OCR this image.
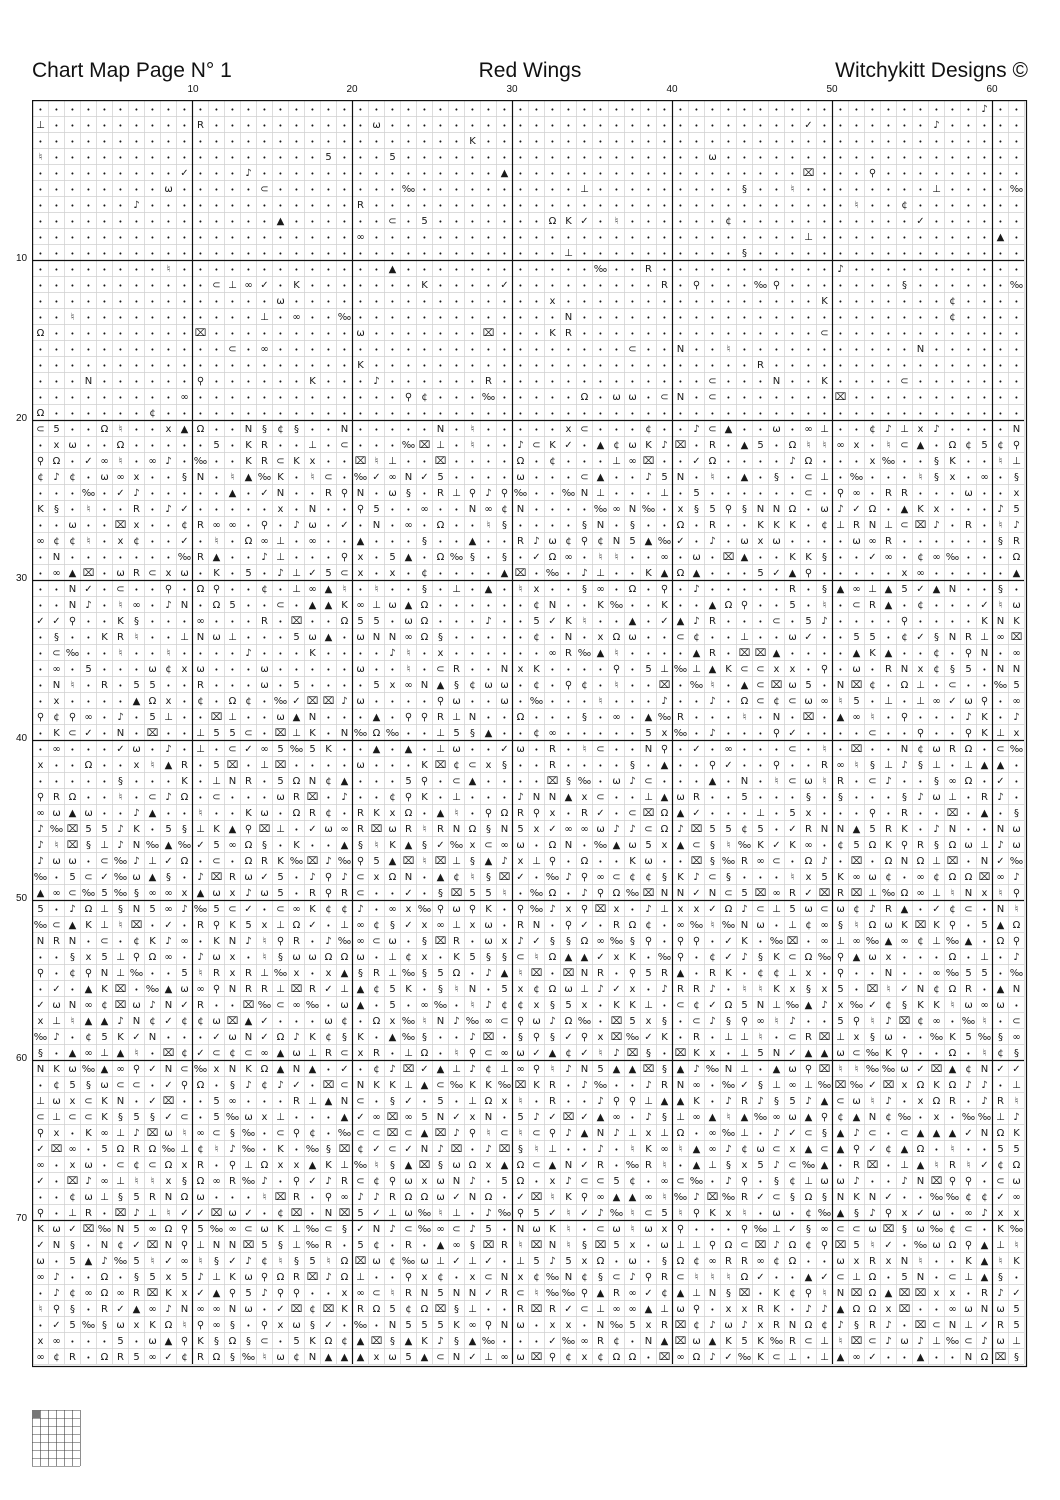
Chart Map Page N° 1	Red Wings	Witchykitt Designs ©
10	20	30	40	50	60
10
20
30
40
50
60
70
• • • • • • • • • • • • • • • • • • • • • • • • • • • • • • • • • • • • • • • • • • • • • • • • • • • • • • • • • • • ♪ • •
⊥ • • • • • • • • • R • • • • • • • • • • ω • • • • • • • • • • • • • • • • • • • • • • • • • • ✓ • • • • • • • ♪ • • • • •
• • • • • • • • • • • • • • • • • • • • • • • • • • • K • • • • • • • • • • • • • • • • • • • • • • • • • • • • • • • • • •
♮ • • • • • • • • • • • • • • • • • 5 • • • 5 • • • • • • • • • • • • • • • • • • • ω • • • • • • • • • • • • • • • • • • •
• • • • • • • • • ✓ • • • ♪ • • • • • • • • • • • • • • • ▲ • • • • • • • • • • • • • • • • • • ⌧ • • • ⚲ • • • • • • • • •
• • • • • • • • ω • • • • • ⊂ • • • • • • • • ‰ • • • • • • • • • • ⊥ • • • • • • • • • § • • ♮ • • • • • • • • ⊥ • • • • ‰
• • • • • • ♪ • • • • • • • • • • • • • R • • • • • • • • • • • • • • • • • • • • • • • • • • • • • • ♮ • • ¢ • • • • • • •
• • • • • • • • • • • • • • • ▲ • • • • • • ⊂ • 5 • • • • • • • Ω K ✓ • ♮ • • • • • • ¢ • • • • • • • • • • • ✓ • • • • • •
• • • • • • • • • • • • • • • • • • • • ∞ • • • • • • • • • • • • • • • • • • • • • • • • • • • ⊥ • • • • • • • • • • • ▲ •
• • • • • • • • • • • • • • • • • • • • • • • • • • • • • • • • • ⊥ • • • • • • • • • • § • • • • • • • • • • • • • • • • •
• • • • • • • • ♮ • • • • • • • • • • • • • ▲ • • • • • • • • • • • • ‰ • • R • • • • • • • • • • • ♪ • • • • • • • • • • •
• • • • • • • • • • • ⊂ ⊥ ∞ ✓ • K • • • • • • • K • • • • ✓ • • • • • • • • • R • ⚲ • • • ‰ ⚲ • • • • • • • § • • • • • • ‰
• • • • • • • • • • • • • • • ω • • • • • • • • • • • • • • • • x • • • • • • • • • • • • • • • • K • • • • • • • ¢ • • • •
• • ♮ • • • • • • • • • • • ⊥ • ∞ • • ‰ • • • • • • • • • • • • • N • • • • • • • • • • • • • • • • • • • • • • • ¢ • • • •
Ω • • • • • • • • • ⌧ • • • • • • • • • ω • • • • • • • ⌧ • • • K R • • • • • • • • • • • • • • • ⊂ • • • • • • • • • • • •
• • • • • • • • • • • • ⊂ • ∞ • • • • • • • • • • • • • • • • • • • • • • ⊂ • • N • • ♮ • • • • • • • • • • • N • • • • • •
• • • • • • • • • • • • • • • • • • • • K • • • • • • • • • • • • • • • • • • • • • • • • R • • • • • • • • • • • • • • • •
• • • N • • • • • • ⚲ • • • • • • K • • • ♪ • • • • • • R • • • • • • • • • • • • • ⊂ • • • N • • K • • • • ⊂ • • • • • • •
• • • • • • • • • ∞ • • • • • • • • • • • • • ⚲ ¢ • • • ‰ • • • • • Ω • ω ω • ⊂ N • ⊂ • • • • • • • ⌧ • • • • • • • • • • •
Ω • • • • • • ¢ • • • • • • • • • • • • • • • • • • • • • • • • • • • • • • • • • • • • • • • • • • • • • • • • • • • • • •
⊂ 5 • • Ω ♮ • • x ▲ Ω • • N § ¢ § • • N • • • • • N • ♮ • • • • • x ⊂ • • • ¢ • • ♪ ⊂ ▲ • • ω • ∞ ⊥ • • ¢ ♪ ⊥ x ♪ • • • • N
• x ω • • Ω • • • • • 5 • K R • • ⊥ • ⊂ • • • ‰ ⌧ ⊥ • ♮ • • ♪ ⊂ K ✓ • ▲ ¢ ω K ♪ ⌧ • R • ▲ 5 • Ω ♮ ♮ ∞ x • ♮ ⊂ ▲ • Ω ¢ 5 ¢ ⚲
⚲ Ω • ✓ ∞ ♮ • ∞ ♪ • ‰ • • K R ⊂ K x • • ⌧ ♮ ⊥ • • ⌧ • • • • Ω • ¢ • • • ⊥ ∞ ⌧ • • ✓ Ω • • • • ♪ Ω • • • x ‰ • • § K • • ♮ ⊥
¢ ♪ ¢ • ω ∞ x • • § N • ♮ ▲ ‰ K • ♮ ⊂ • ‰ ✓ ∞ N ✓ 5 • • • • ω • • • ⊂ ▲ • • ♪ 5 N • ♮ • ▲ • § • ⊂ ⊥ • ‰ • • • ♮ § x • ∞ • §
• • • ‰ • ✓ ♪ • • • • • ▲ • ✓ N • • R ⚲ N • ω § • R ⊥ ⚲ ♪ ⚲ ‰ • • ‰ N ⊥ • • • ⊥ • 5 • • • • • • ⊂ • ⚲ ∞ • R R • • • ω • • x
K § • ♮ • • R • ♪ ✓ • • • • • x • N • • ⚲ 5 • • ∞ • • N ∞ ¢ N • • • • ‰ ∞ N ‰ • x § 5 ⚲ § N N Ω • ω ♪ ✓ Ω • ▲ K x • • • ♪ 5
• • ω • • ⌧ x • • ¢ R ∞ ∞ • ⚲ • ♪ ω • ✓ • N • ∞ • Ω • • ♮ § • • • • § N • § • • Ω • R • • K K K • ¢ ⊥ R N ⊥ ⊂ ⌧ ♪ • R • ♮ ♪
∞ ¢ ¢ ♮ • x ¢ • • ✓ • ♮ • Ω ∞ ⊥ • ∞ • • ▲ • • • § • • ▲ • • R ♪ ω ¢ ⚲ ¢ N 5 ▲ ‰ ✓ • ♪ • ω x ω • • • • ω ∞ R • • • • • • § R
• N • • • • • • • ‰ R ▲ • • ♪ ⊥ • • • ⚲ x • 5 ▲ • Ω ‰ § • § • ✓ Ω ∞ • ♮ ♮ • • ∞ • ω • ⌧ ▲ • • K K § • • ✓ ∞ • ¢ ∞ ‰ • • • Ω
• ∞ ▲ ⌧ • ω R ⊂ x ω • K • 5 • ♪ ⊥ ✓ 5 ⊂ x • x • ¢ • • • • ▲ ⌧ • ‰ • ♪ ⊥ • • K ▲ Ω ▲ • • • 5 ✓ ▲ ⚲ • • • • • x ∞ • • • • • ▲
• • N ✓ • ⊂ • • ⚲ • Ω ⚲ • • ¢ • ⊥ ∞ ▲ ♮ • ♮ • • § • ⊥ • ▲ • ♮ x • • § ∞ • Ω • ⚲ • ♪ • • • • • R • § ▲ ∞ ⊥ ▲ 5 ✓ ▲ N • • § •
• • N ♪ • ♮ ∞ • ♪ N • Ω 5 • • ⊂ • ▲ ▲ K ∞ ⊥ ω ▲ Ω • • • • • • ¢ N • • K ‰ • • K • • ▲ Ω ⚲ • • 5 • ♮ • ⊂ R ▲ • ¢ • • • ✓ ♮ ω
✓ ✓ ⚲ • • K § • • • ∞ • • • R • ⌧ • • Ω 5 5 • ω Ω • • • ♪ • • 5 ✓ K ♮ • • ▲ • ✓ ▲ ♪ R • • • ⊂ • 5 ♪ • • • • ⚲ • • • • K N K
• § • • K R ♮ • • ⊥ N ω ⊥ • • • 5 ω ▲ • ω N N ∞ Ω § • • • • • ¢ • N • x Ω ω • • ⊂ ¢ • • ⊥ • • ω ✓ • • 5 5 • ¢ ✓ § N R ⊥ ∞ ⌧
• ⊂ ‰ • • ♮ • • ♮ • • • • ♪ • • • K • • • • ♪ ♮ • x • • • • • • ∞ R ‰ ▲ ♮ • • • • ▲ R • ⌧ ⌧ ▲ • • • • ▲ K ▲ • • ¢ • ⚲ N • ∞
• ∞ • 5 • • • ω ¢ x ω • • • ω • • • • • ω • • ♮ • ⊂ R • • N x K • • • • ⚲ • 5 ⊥ ‰ ⊥ ▲ K ⊂ ⊂ x x • ⚲ • ω • R N x ¢ § 5 • N N
• N ♮ • R • 5 5 • • R • • • ω • 5 • • • • 5 x ∞ N ▲ § ¢ ω ω • ¢ • ⚲ ¢ • ♮ • • ⌧ • ‰ ♮ • ▲ ⊂ ⌧ ω 5 • N ⌧ ¢ • Ω ⊥ • ⊂ • • ‰ 5
• x • • • • ▲ Ω x • ¢ • Ω ¢ • ‰ ✓ ⌧ ⌧ ♪ ω • • • • ⚲ ω • • ω • ‰ • • • ♮ • • • ♪ • • ♪ • Ω ⊂ ¢ ⊂ ω ∞ ♮ 5 • ⊥ • ⊥ ∞ ✓ ω ⚲ • ∞
⚲ ¢ ⚲ ∞ • ♪ • 5 ⊥ • • ⌧ ⊥ • • ω ▲ N • • • ▲ • ⚲ ⚲ R ⊥ N • • Ω • • • § • ∞ • ▲ ‰ R • • • ♮ • N • ⌧ • ▲ ∞ ♮ • ⚲ • • • ♪ K • ♪
• K ⊂ ✓ • N • ⌧ • • ⊥ 5 5 ⊂ • ⌧ ⊥ K • N ‰ Ω ‰ • • ⊥ 5 § ▲ • • ¢ ∞ • • • • • 5 x ‰ • ♪ • • • ⚲ ✓ • • • • ⊂ • • ⚲ • • ⚲ K ⊥ x
• ∞ • • • ✓ ω • ♪ • ⊥ • ⊂ ✓ ∞ 5 ‰ 5 K • • ▲ • ▲ • ⊥ ω • • ✓ ω • R • ♮ ⊂ • • N ⚲ • ✓ • ∞ • • • ⊂ • ♮ • ⌧ • • N ¢ ω R Ω • ⊂ ‰
x • • Ω • • x ♮ ▲ R • 5 ⌧ • ⊥ ⌧ • • • • ω • • • K ⌧ ¢ ⊂ x § • • R • • • • § • ▲ • • ⚲ ✓ • • ⚲ • • R ∞ ♮ § ⊥ ♪ § ⊥ • ⊥ ▲ ▲ •
• • • • • § • • • K • ⊥ N R • 5 Ω N ¢ ▲ • • • 5 ⚲ • ⊂ ▲ • • • • ⌧ § ‰ • ω ♪ ⊂ • • • ▲ • N • ♮ ⊂ ω ♮ R • ⊂ ♪ • • § ∞ Ω • ✓ •
⚲ R Ω • • ♮ • ⊂ ♪ Ω • ⊂ • • • ω R ⌧ • ♪ • • ¢ ⚲ K • ⊥ • • • ♪ N N ▲ x ⊂ • • ⊥ ▲ ω R • • 5 • • • § • § • • • § ♪ ω ⊥ • R ♪ •
∞ ω ▲ ω • • ♪ ▲ • • ♮ • • K ω • Ω R ¢ • R K x Ω • ▲ ♮ • ⚲ Ω R ⚲ x • R ✓ • ⊂ ⌧ Ω ▲ ✓ • • • ⊥ • 5 x • • • ⚲ • R • • ⌧ • ▲ • §
♪ ‰ ⌧ 5 5 ♪ K • 5 § ⊥ K ▲ ⚲ ⌧ ⊥ • ✓ ω ∞ R ⌧ ω R ♮ R N Ω § N 5 x ✓ ∞ ∞ ω ♪ ♪ ⊂ Ω ♪ ⌧ 5 5 ¢ 5 • ✓ R N N ▲ 5 R K • ♪ N • • N ω
♪ ♮ ⌧ § ⊥ ♪ N ‰ ▲ ‰ ✓ 5 ∞ Ω § • K • • ▲ § ♮ K ▲ § ✓ ‰ x ⊂ ∞ ω • Ω N • ‰ ▲ ω 5 x ▲ ⊂ § ♮ ‰ K ✓ K ∞ • ¢ 5 Ω K ⚲ R § Ω ω ⊥ ♪ ω
♪ ω ω • ⊂ ‰ ♪ ⊥ ✓ Ω • ⊂ • Ω R K ‰ ⌧ ♪ ‰ ⚲ 5 ▲ ⌧ ♮ ⌧ ⊥ § ▲ ♪ x ⊥ ⚲ • Ω • • K ω • • ⌧ § ‰ R ∞ ⊂ • Ω ♪ • ⌧ • Ω N Ω ⊥ ⌧ • N ✓ ‰
‰ • 5 ⊂ ✓ ‰ ω ▲ § • ♪ ⌧ R ω ✓ 5 • ♪ ⚲ ♪ ⊂ x Ω N • ▲ ¢ ♮ § ⌧ ✓ • ‰ ♪ ⚲ ∞ ⊂ ¢ ¢ § K ♪ ⊂ § • • • ♮ x 5 K ∞ ω ¢ • ∞ ¢ Ω Ω ⌧ ∞ ♪
▲ ∞ ⊂ ‰ 5 ‰ § ∞ ∞ x ▲ ω x ♪ ω 5 • R ⚲ R ⊂ • • ✓ • § ⌧ 5 5 ♮ • ‰ Ω • ♪ ⚲ Ω ‰ ⌧ N N ✓ N ⊂ 5 ⌧ ∞ R ✓ ⌧ R ⌧ ⊥ ‰ Ω ∞ ⊥ ♮ N x ♮ ⚲
5 • ♪ Ω ⊥ § N 5 ∞ ♪ ‰ 5 ⊂ ✓ • ⊂ ∞ K ¢ ¢ ♪ • ∞ x ‰ ⚲ ω ⚲ K • ⚲ ‰ ♪ x ⚲ ⌧ x • ♪ ⊥ x x ✓ Ω ♪ ⊂ ⊥ 5 ω ⊂ ω ¢ ♪ R ▲ • ✓ ¢ ⊂ • N ♮
‰ ⊂ ▲ K ⊥ ♮ ⌧ • ✓ • R ⚲ K 5 x ⊥ Ω ✓ • ⊥ ∞ ¢ § ✓ x ∞ ⊥ x ω • R N • ⚲ ✓ • R Ω ¢ • ∞ ‰ ♮ ‰ N ω • ⊥ ¢ ∞ § ♮ Ω ω K ⌧ K ⚲ • 5 ▲ Ω
N R N • ⊂ • ¢ K ♪ ∞ • K N ♪ ♮ ⚲ R • ♪ ‰ ∞ ⊂ ω • § ⌧ R • ω x ♪ ✓ § § Ω ∞ ‰ § ⚲ • ⚲ ⚲ • ✓ K • ‰ ⌧ • ∞ ⊥ ∞ ‰ ▲ ∞ ¢ ⊥ ‰ ▲ • Ω ⚲
• • § x 5 ⊥ ⚲ Ω ∞ • ♪ ω x • ♮ § ω ω Ω Ω ω • ⊥ ¢ x • K 5 § § ⊂ ♮ Ω ▲ ▲ ✓ x K • ‰ ⚲ • ¢ ✓ ♪ § K ⊂ Ω ‰ ⚲ ▲ ω x • • • Ω • ⊥ • ♪
⚲ • ¢ ⚲ N ⊥ ‰ • • 5 ♮ R x R ⊥ ‰ x • x ▲ § R ⊥ ‰ § 5 Ω • ♪ ▲ ♮ ⌧ • ⌧ N R • ⚲ 5 R ▲ • R K • ¢ ¢ ⊥ x • ⚲ • • N • • ∞ ‰ 5 5 • ‰
• ✓ • ▲ K ⌧ • ‰ ▲ ω ∞ ⚲ N R R ⊥ ⌧ R ✓ ⊥ ▲ ¢ 5 K • § ♮ N • 5 x ¢ Ω ω ⊥ ♪ ✓ x • ♪ R R ♪ • ♮ ♮ K x § x 5 • ⌧ ♮ ✓ N ¢ Ω R • ▲ N
✓ ω N ∞ ¢ ⌧ ω ♪ N ✓ R • • ⌧ ‰ ⊂ ∞ ‰ • ω ▲ • 5 • ∞ ‰ • ♮ ♪ ¢ ¢ x § 5 x • K K ⊥ • ⊂ ¢ ✓ Ω 5 N ⊥ ‰ ▲ ♪ x ‰ ✓ ¢ § K K ♮ ω ∞ ω •
x ⊥ ♮ ▲ ▲ ♪ N ¢ ✓ ¢ ¢ ω ⌧ ▲ ✓ • • • ω ¢ • Ω x ‰ ♮ N ♪ ‰ ∞ ⊂ ⚲ ω ♪ Ω ‰ • ⌧ 5 x § • ⊂ ♪ § ⚲ ∞ ♮ ♪ • • 5 ⚲ ♮ ♪ ⌧ ¢ ∞ • ‰ ♮ • ⊂
‰ ♪ • ¢ 5 K ✓ N • • • ✓ ω N ✓ Ω ♪ K ¢ § K • ▲ ‰ § • • ♪ ⌧ • § ⚲ § ✓ ⚲ x ⌧ ‰ ✓ K • R • ⊥ ⊥ ♮ • ⊂ R ⌧ ⊥ x § ω • • ‰ K 5 ‰ § ∞
§ • ▲ ∞ ⊥ ▲ ♮ • ⌧ ¢ ✓ ⊂ ¢ ⊂ ∞ ▲ ω ⊥ R ⊂ x R • ⊥ Ω • ♮ ⚲ ⊂ ∞ ω ✓ ▲ ¢ ✓ ♮ ♪ ⌧ § • ⌧ K x • ⊥ 5 N ✓ ▲ ▲ ω ⊂ ‰ K ⚲ • • Ω • ♮ ¢ §
N K ω ‰ ▲ ∞ ⚲ ✓ N ⊂ ‰ x N K Ω ▲ N ▲ • ✓ • ¢ ♪ ⌧ ✓ ▲ ⊥ ♪ ¢ ⊥ ∞ ⚲ ♮ ♪ N 5 ▲ ▲ ⌧ § ▲ ♪ ‰ N ⊥ • ▲ ω ⚲ ⌧ ♮ ♮ ‰ ‰ ω ✓ ⌧ ▲ ¢ N ✓ ✓
• ¢ 5 § ω ⊂ ⊂ • ✓ ⚲ Ω • § ♪ ¢ ♪ ✓ • ⌧ ⊂ N K K ⊥ ▲ ⊂ ‰ K K ‰ ⌧ K R • ♪ ‰ • • ♪ R N ∞ • ‰ ✓ § ⊥ ∞ ⊥ ‰ ⌧ ‰ ✓ ⌧ x Ω K Ω ♪ ♪ • ⊥
⊥ ω x ⊂ K N • ✓ ⌧ • • 5 ∞ • • • R ⊥ ▲ N ⊂ • § ✓ • 5 • ⊥ Ω x ♮ • R • • ♪ ⚲ ⚲ ⊥ ▲ ▲ K • ♪ R ♪ § 5 ♪ ▲ ⊂ ω ♮ ♪ • x Ω R • ♪ R ♮
⊂ ⊥ ⊂ ⊂ K § 5 § ✓ ⊂ • 5 ‰ ω x ⊥ • • • ▲ ✓ ∞ ⌧ ∞ 5 N ✓ x N • 5 ♪ ✓ ⌧ ✓ ▲ ∞ • ♪ § ⊥ ∞ ▲ ♮ ▲ ‰ ∞ ω ▲ ⚲ ¢ ▲ N ¢ ‰ • x • ‰ ‰ ⊥ ♪
⚲ x • K ∞ ⊥ ♪ ⌧ ω ♮ ∞ ⊂ § ‰ • ⊂ ⚲ ¢ • ‰ ⊂ ⊂ ⌧ ⊂ ▲ ⌧ ♪ ⚲ ♮ ⊂ ♮ ⊂ ⚲ ♪ ▲ N ♪ ⊥ x ⊥ Ω • ∞ ‰ ⊥ • ♪ ✓ ⊂ § ▲ ♪ ⊂ • ⊂ ▲ ▲ ▲ ✓ N Ω K
✓ ⌧ ∞ • 5 Ω R Ω ‰ ⊥ ¢ ♮ ♪ ‰ • K • ‰ § ⌧ ¢ ✓ ⊂ ✓ N ♪ ⌧ • ♪ ⌧ § ♮ ⊥ • • ♪ • ♮ K ∞ ♮ ▲ ∞ ♪ ¢ ω ⊂ x ▲ ⊂ ▲ ⚲ ✓ ¢ ▲ Ω • ♮ • • 5 5
∞ • x ω • ⊂ ¢ ⊂ Ω x R • ⚲ ⊥ Ω x x ▲ K ⊥ ‰ ♮ § ▲ ⌧ § ω Ω x ▲ Ω ⊂ ▲ N ✓ R • ‰ R ♮ • ▲ ⊥ § x 5 ♪ ⊂ ‰ ▲ • R ⌧ • ⊥ ▲ ♮ R ♮ ✓ ¢ Ω
✓ • ⌧ ♪ ∞ ⊥ ♮ ♮ x § Ω ∞ R ‰ ♪ • ⚲ ✓ ♪ R ⊂ ¢ ⚲ ω x ω N ♪ • 5 Ω • x ♪ ⊂ ⊂ 5 ¢ • ∞ ⊂ ‰ • ♪ ⚲ • § ¢ ⊥ ω ω ♪ • • ♪ N ⌧ ⚲ ⚲ • ⊂ ω
• • ¢ ω ⊥ § 5 R N Ω ω • • • ♮ ⌧ R • ⚲ ∞ ♪ ♪ R Ω Ω ω ✓ N Ω • ✓ ⌧ ♮ K ⚲ ∞ ▲ ▲ ∞ ♮ ‰ ♪ ⌧ ‰ R ✓ ⊂ § Ω § N K N ✓ • • ‰ ‰ ¢ ¢ ✓ ∞
⚲ • ⊥ R • ⌧ ♪ ⊥ ♮ ✓ ✓ ⌧ ω ✓ • ¢ ⌧ • N ⌧ 5 ✓ ⊥ ω ‰ ♮ ⊥ • ♪ ‰ ⚲ 5 ✓ ♮ ✓ ♪ ‰ ♮ ⊂ 5 ♮ ⚲ K x ♮ • ω • ¢ ‰ ▲ § ♪ ⚲ x ✓ ω • ∞ ♪ x x
K ω ✓ ⌧ ‰ N 5 ∞ Ω ⚲ 5 ‰ ∞ ⊂ ω K ⊥ ‰ ⊂ § ✓ N ♪ ⊂ ‰ ∞ ⊂ ♪ 5 • N ω K ♮ • ⊂ ω ♮ ω x ⚲ • • • ⚲ ‰ ⊥ ✓ § ∞ ⊂ ⊂ ω ⌧ § ω ‰ ¢ ⊂ • K ‰
✓ N § • N ¢ ✓ ⌧ N ⚲ ⊥ N N ⌧ 5 § ⊥ ‰ R • 5 ¢ • R • ▲ ∞ § ⌧ R ♮ ⌧ N ♮ § ⌧ 5 x • ω ⊥ ⊥ ⚲ Ω ⊂ ⌧ ♪ Ω ¢ ⚲ ⌧ 5 ♮ ✓ • ‰ ω Ω ⚲ ▲ ⊥ ♮
ω • 5 ▲ ♪ ‰ 5 ♮ ✓ ∞ ♮ § ✓ ♪ ¢ ♮ § 5 ♮ Ω ⌧ ω ¢ ‰ ω ⊥ ✓ ⊥ ✓ • ⊥ 5 ♪ 5 x Ω • ω • § Ω ¢ ∞ R R ∞ ¢ Ω • • ω x R x N ♮ • • K ▲ ♮ K
∞ ♪ • • Ω • § 5 x 5 ♪ ⊥ K ω ⚲ Ω R ⌧ ♪ Ω ⊥ • • ⚲ x ¢ • x ⊂ N x ¢ ‰ N ¢ § ⊂ ♪ ⚲ R ⊂ ♮ ♮ ♮ Ω ✓ • • ▲ ✓ ⊂ ⊥ Ω • 5 N • ⊂ ⊥ ▲ § •
• ♪ ¢ ∞ Ω ∞ R ⌧ K x ✓ ▲ ⚲ 5 ♪ ⚲ ⚲ • • x ∞ ⊂ ♮ R N 5 N N ✓ R ⊂ ♮ ‰ ‰ ⚲ ▲ R ∞ ✓ ¢ ▲ ⊥ N § ⌧ • K ¢ ⚲ ♮ N ⌧ Ω ▲ ⌧ ⌧ x x • R ♪ ✓
♮ ⚲ § • R ✓ ▲ ∞ ♪ N ∞ ∞ N ω • ✓ ⌧ ¢ ⌧ K R Ω 5 ¢ Ω ⌧ § ⊥ • • R ⌧ R ✓ ⊂ ⊥ ∞ ∞ ▲ ⊥ ω ⚲ • x x R K • ♪ ♪ ▲ Ω Ω x ⌧ • • ∞ ω N ω 5
• ✓ 5 ‰ § ω x K Ω ♮ ⚲ ∞ § • ⚲ x ω § ✓ • ‰ • N 5 5 5 K ∞ ⚲ N ω • x x • N ‰ 5 x R ⌧ ¢ ♪ ω ♪ x R N Ω ¢ ♪ § R ♪ • ⌧ ⊂ N ⊥ ✓ R 5
x ∞ • • • 5 • ω ▲ ⚲ K § Ω § ⊂ • 5 K Ω ¢ ▲ ⌧ § ▲ K ♪ § ▲ ‰ • • • ✓ ‰ ∞ R ¢ • N ▲ ⌧ ω ▲ K 5 K ‰ R ⊂ ⊥ ♮ ⌧ ⊂ ♪ ω ♪ ⊥ ‰ ⊂ ♪ ω ⊥
∞ ¢ R • Ω R 5 ∞ ✓ ¢ R Ω § ‰ ♮ ω ¢ N ▲ ▲ ▲ x ω 5 ▲ ⊂ N ✓ ⊥ ∞ ω ⌧ ⚲ ¢ x ¢ Ω Ω • ⌧ ∞ Ω ♪ ✓ ‰ K ⊂ ⊥ • ⊥ ▲ ∞ ✓ • • ▲ • • N Ω ⌧ §
